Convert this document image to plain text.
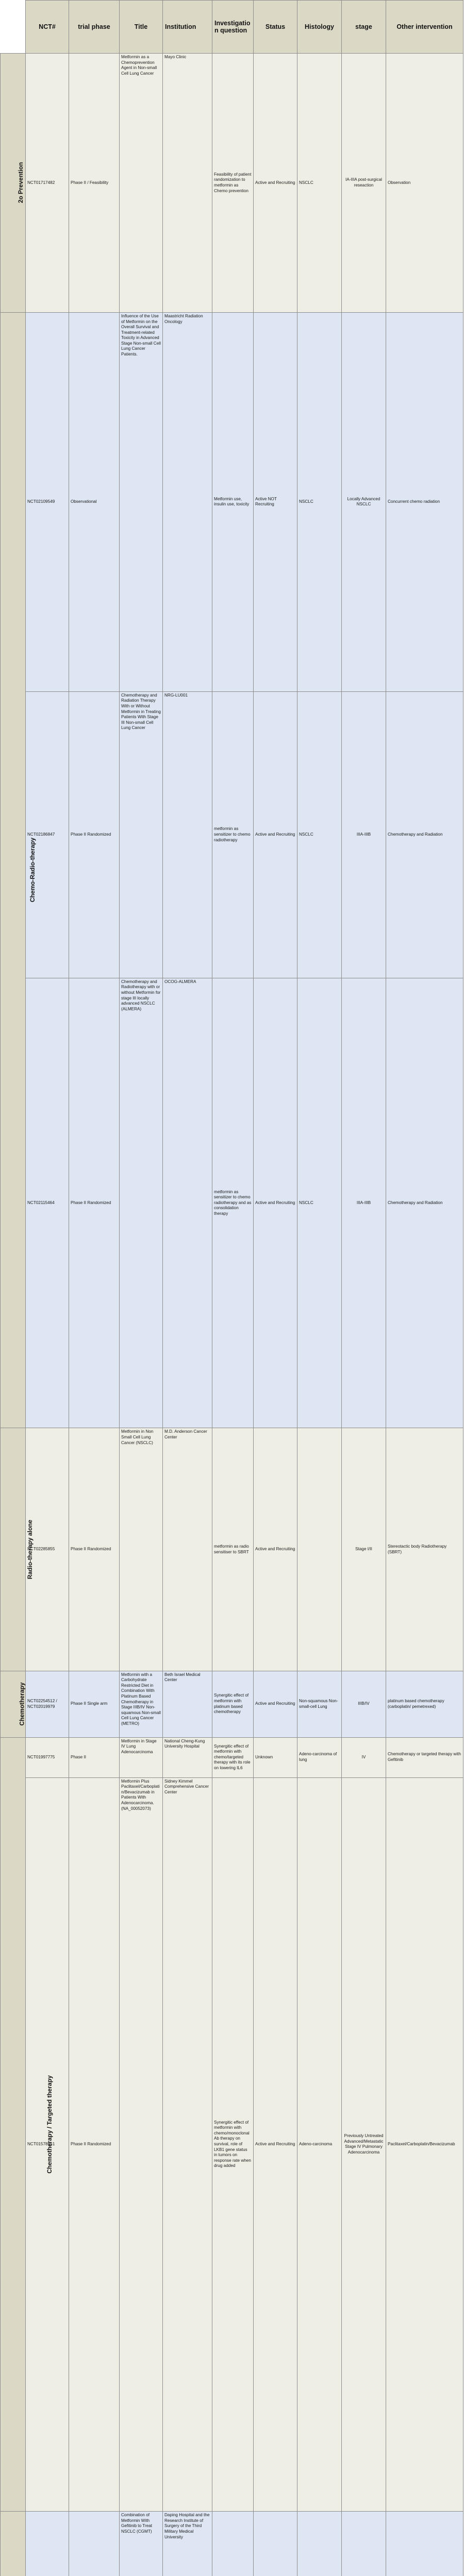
	NCT#	trial phase	Title	Institution	Investigation question	Status	Histology	stage	Other intervention	
2o Prevention	NCT01717482	Phase II / Feasibility	Metformin as a Chemoprevention Agent in Non-small Cell Lung Cancer	Mayo Clinic	Feasibility of patient randomization to metformin as Chemo prevention	Active and Recruiting	NSCLC	IA-IIIA post-surgical reseaction	Observation	
Chemo-Radio-therapy	NCT02109549	Observational	Influence of the Use of Metformin on the Overall Survival and Treatment-related Toxicity in Advanced Stage Non-small Cell Lung Cancer Patients.	Maastricht Radiation Oncology	Metformin use, insulin use, toxicity	Active NOT Recruiting	NSCLC	Locally Advanced NSCLC	Concurrent chemo radiation	
	NCT02186847	Phase II Randomized	Chemotherapy and Radiation Therapy With or Without Metformin in Treating Patients With Stage III Non-small Cell Lung Cancer	NRG-LU001	metformin as sensitizer to chemo radiotherapy	Active and Recruiting	NSCLC	IIIA-IIIB	Chemotherapy and Radiation	
	NCT02115464	Phase II Randomized	Chemotherapy and Radiotherapy with or without Metformin for stage III locally advanced NSCLC (ALMERA)	OCOG-ALMERA	metformin as sensitizer to chemo radiotherapy and as consolidation therapy	Active and Recruiting	NSCLC	IIIA-IIIB	Chemotherapy and Radiation	
Radio-therapy alone	NCT02285855	Phase II Randomized	Metformin in Non Small Cell Lung Cancer (NSCLC)	M.D. Anderson Cancer Center	metformin as radio sensitiser to SBRT	Active and Recruiting		Stage I/II	Stereotactic body Radiotherapy (SBRT)	
Chemotherapy	NCT02254512 / NCT02019979	Phase II Single arm	Metformin with a Carbohydrate Restricted Diet in Combination With Platinum Based Chemotherapy in Stage IIIB/IV Non-squamous Non-small Cell Lung Cancer (METRO)	Beth Israel Medical Center	Synergitic effect of metformin with platinum based chemotherapy	Active and Recruiting	Non-squamous Non-small-cell Lung	IIIB/IV	platinum based chemotherapy (carboplatin/ pemetrexed)	
Chemotherapy / Targeted therapy	NCT01997775	Phase II	Metformin in Stage IV Lung Adenocarcinoma	National Cheng-Kung University Hospital	Synergitic effect of metformin with chemo/targeted therapy with its role on lowering IL6	Unknown	Adeno-carcinoma of lung	IV	Chemotherapy or targeted therapy with Gefitinib	
	NCT01578551	Phase II Randomized	Metformin Plus Paclitaxel/Carboplatin/Bevacizumab in Patients With Adenocarcinoma. (NA_00052073)	Sidney Kimmel Comprehensive Cancer Center	Synergitic effect of metformin with chemo/monoclonal Ab therapy on survival, role of LKB1 gene status in tumors on response rate when drug added	Active and Recruiting	Adeno-carcinoma	Previously Untreated Advanced/Metastatic Stage IV Pulmonary Adenocarcinoma	Paclitaxel/Carboplatin/Bevacizumab	
			Combination of Metformin With Gefitinib to Treat NSCLC (CGMT)	Daping Hospital and the Research Institute of Surgery of the Third Military Medical University						
